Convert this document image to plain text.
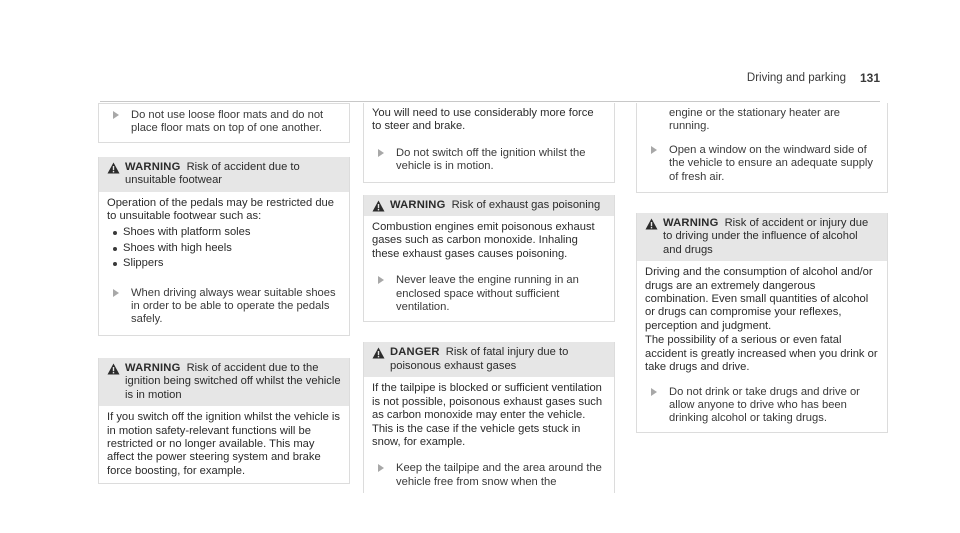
Driving and parking 131
Do not use loose floor mats and do not place floor mats on top of one another.
WARNING Risk of accident due to unsuitable footwear

Operation of the pedals may be restricted due to unsuitable footwear such as:

Shoes with platform soles
Shoes with high heels
Slippers
When driving always wear suitable shoes in order to be able to operate the pedals safely.
WARNING Risk of accident due to the ignition being switched off whilst the vehicle is in motion

If you switch off the ignition whilst the vehicle is in motion safety-relevant functions will be restricted or no longer available. This may affect the power steering system and brake force boosting, for example.

You will need to use considerably more force to steer and brake.

Do not switch off the ignition whilst the vehicle is in motion.
WARNING Risk of exhaust gas poisoning

Combustion engines emit poisonous exhaust gases such as carbon monoxide. Inhaling these exhaust gases causes poisoning.

Never leave the engine running in an enclosed space without sufficient ventilation.
DANGER Risk of fatal injury due to poisonous exhaust gases

If the tailpipe is blocked or sufficient ventilation is not possible, poisonous exhaust gases such as carbon monoxide may enter the vehicle. This is the case if the vehicle gets stuck in snow, for example.

Keep the tailpipe and the area around the vehicle free from snow when the
engine or the stationary heater are running.
Open a window on the windward side of the vehicle to ensure an adequate supply of fresh air.
WARNING Risk of accident or injury due to driving under the influence of alcohol and drugs

Driving and the consumption of alcohol and/or drugs are an extremely dangerous combination. Even small quantities of alcohol or drugs can compromise your reflexes, perception and judgment.

The possibility of a serious or even fatal accident is greatly increased when you drink or take drugs and drive.

Do not drink or take drugs and drive or allow anyone to drive who has been drinking alcohol or taking drugs.
